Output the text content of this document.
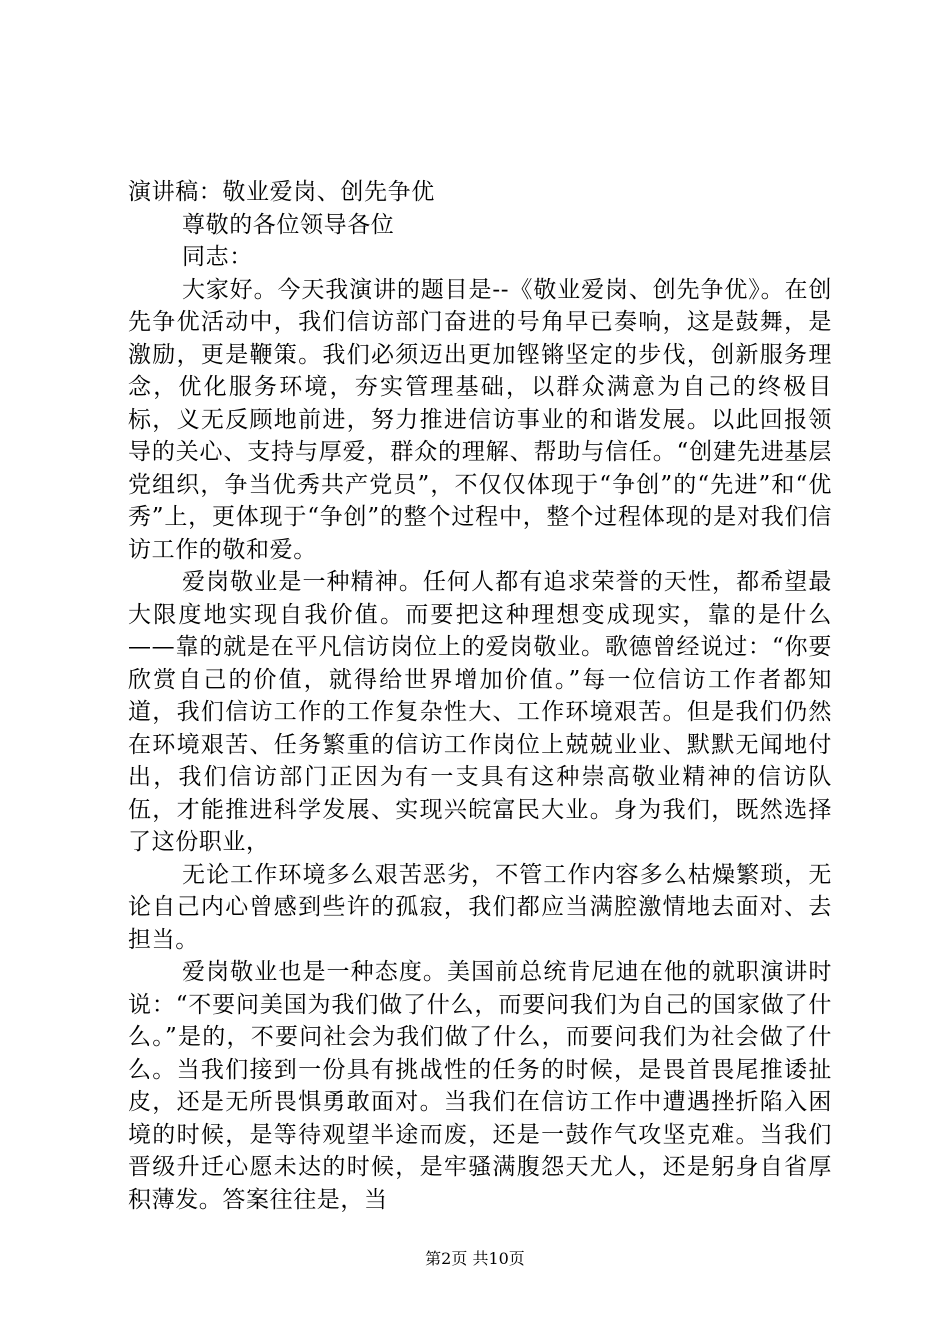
演讲稿：敬业爱岗、创先争优

尊敬的各位领导各位

同志：

大家好。今天我演讲的题目是--《敬业爱岗、创先争优》。在创先争优活动中，我们信访部门奋进的号角早已奏响，这是鼓舞，是激励，更是鞭策。我们必须迈出更加铿锵坚定的步伐，创新服务理念，优化服务环境，夯实管理基础，以群众满意为自己的终极目标，义无反顾地前进，努力推进信访事业的和谐发展。以此回报领导的关心、支持与厚爱，群众的理解、帮助与信任。“创建先进基层党组织，争当优秀共产党员”，不仅仅体现于“争创”的“先进”和“优秀”上，更体现于“争创”的整个过程中，整个过程体现的是对我们信访工作的敬和爱。

爱岗敬业是一种精神。任何人都有追求荣誉的天性，都希望最大限度地实现自我价值。而要把这种理想变成现实，靠的是什么——靠的就是在平凡信访岗位上的爱岗敬业。歌德曾经说过：“你要欣赏自己的价值，就得给世界增加价值。”每一位信访工作者都知道，我们信访工作的工作复杂性大、工作环境艰苦。但是我们仍然在环境艰苦、任务繁重的信访工作岗位上兢兢业业、默默无闻地付出，我们信访部门正因为有一支具有这种崇高敬业精神的信访队伍，才能推进科学发展、实现兴皖富民大业。身为我们，既然选择了这份职业，

无论工作环境多么艰苦恶劣，不管工作内容多么枯燥繁琐，无论自己内心曾感到些许的孤寂，我们都应当满腔激情地去面对、去担当。

爱岗敬业也是一种态度。美国前总统肯尼迪在他的就职演讲时说：“不要问美国为我们做了什么，而要问我们为自己的国家做了什么。”是的，不要问社会为我们做了什么，而要问我们为社会做了什么。当我们接到一份具有挑战性的任务的时候，是畏首畏尾推诿扯皮，还是无所畏惧勇敢面对。当我们在信访工作中遭遇挫折陷入困境的时候，是等待观望半途而废，还是一鼓作气攻坚克难。当我们晋级升迁心愿未达的时候，是牢骚满腹怨天尤人，还是躬身自省厚积薄发。答案往往是，当

第2页 共10页
